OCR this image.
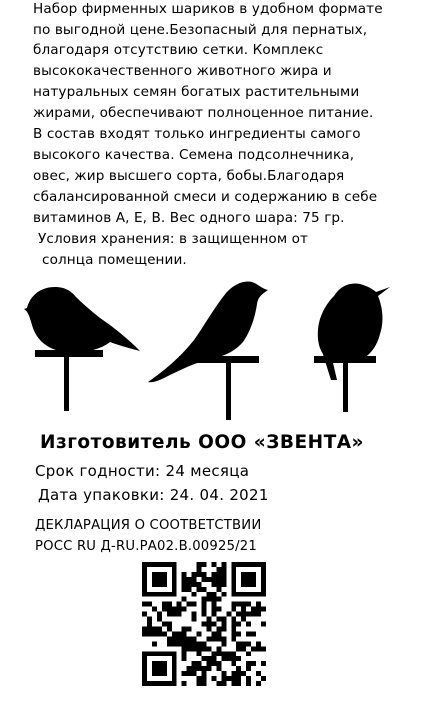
Набор фирменных шариков в удобном формате
по выгодной цене.Безопасный для пернатых,
благодаря отсутствию сетки. Комплекс
высококачественного животного жира и
натуральных семян богатых растительными
жирами, обеспечивают полноценное питание.
В состав входят только ингредиенты самого
высокого качества. Семена подсолнечника,
овес, жир высшего сорта, бобы.Благодаря
сбалансированной смеси и содержанию в себе
витаминов А, Е, В. Вес одного шара: 75 гр.
Условия хранения: в защищенном от
солнца помещении.
Изготовитель ООО «ЗВЕНТА»
Срок годности: 24 месяца
Дата упаковки: 24. 04. 2021
ДЕКЛАРАЦИЯ О СООТВЕТСТВИИ
РОСС RU Д-RU.РА02.В.00925/21
